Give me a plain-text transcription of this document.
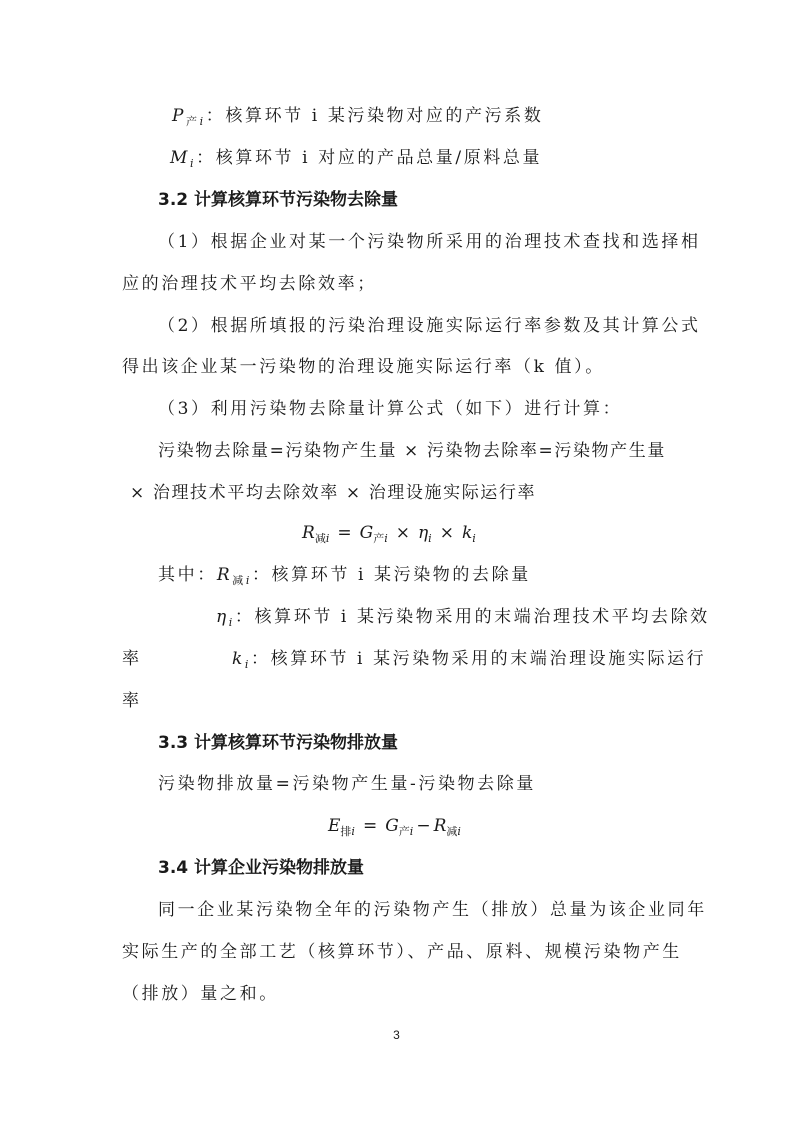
$P_{产i}$：核算环节 i 某污染物对应的产污系数
$M_i$：核算环节 i 对应的产品总量/原料总量
3.2 计算核算环节污染物去除量
（1）根据企业对某一个污染物所采用的治理技术查找和选择相
应的治理技术平均去除效率；
（2）根据所填报的污染治理设施实际运行率参数及其计算公式
得出该企业某一污染物的治理设施实际运行率（k 值）。
（3）利用污染物去除量计算公式（如下）进行计算：
污染物去除量=污染物产生量 × 污染物去除率=污染物产生量
× 治理技术平均去除效率 × 治理设施实际运行率
$R_{减i} = G_{产i} \times \eta_i \times k_i$
其中：$R_{减i}$：核算环节 i 某污染物的去除量
$\eta_i$：核算环节 i 某污染物采用的末端治理技术平均去除效
率	$k_i$：核算环节 i 某污染物采用的末端治理设施实际运行
率
3.3 计算核算环节污染物排放量
污染物排放量=污染物产生量-污染物去除量
$E_{排i} = G_{产i} - R_{减i}$
3.4 计算企业污染物排放量
同一企业某污染物全年的污染物产生（排放）总量为该企业同年
实际生产的全部工艺（核算环节）、产品、原料、规模污染物产生
（排放）量之和。
3
